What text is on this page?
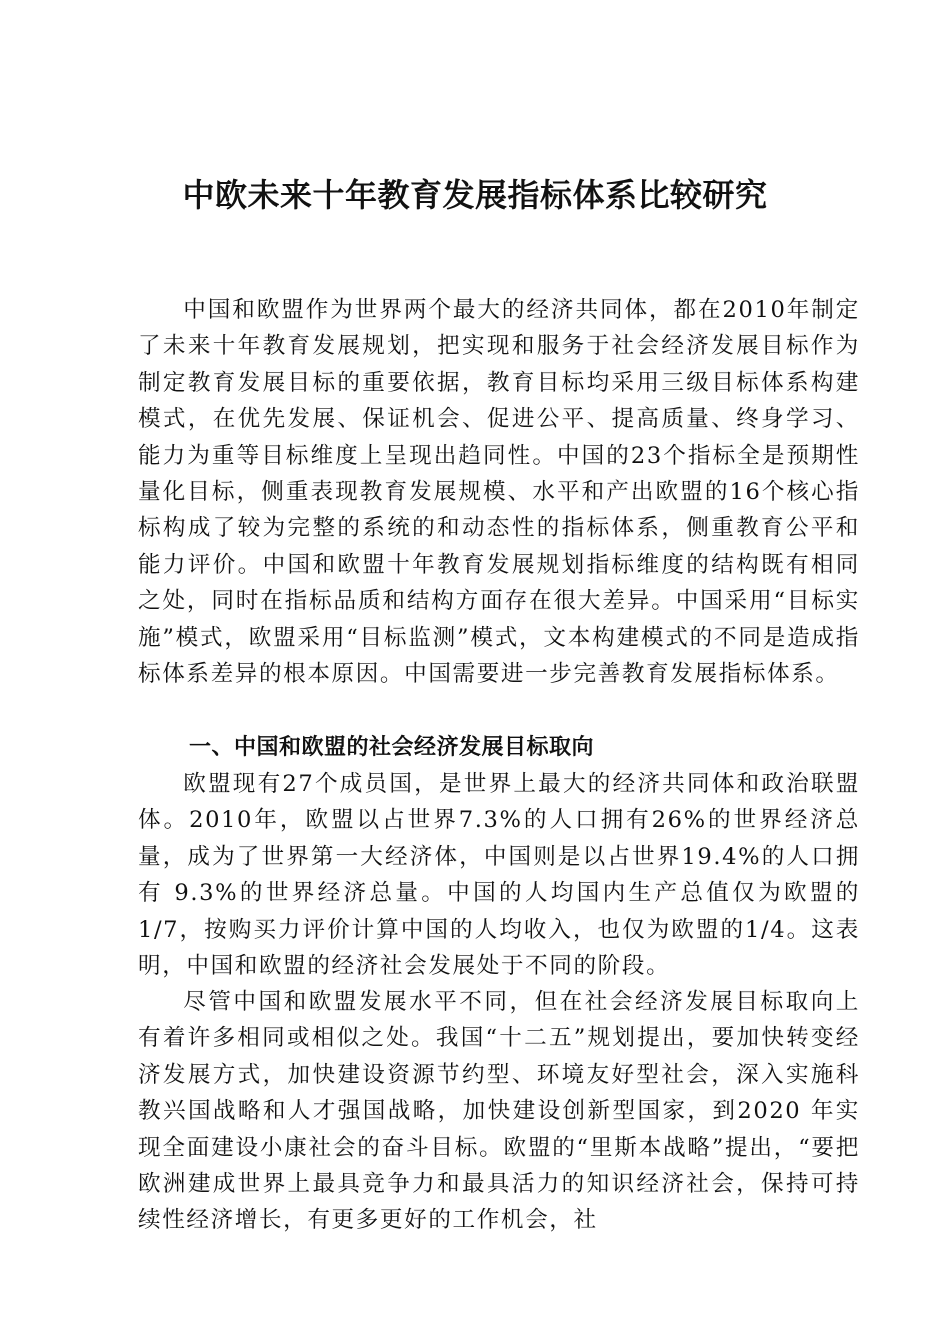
中欧未来十年教育发展指标体系比较研究

中国和欧盟作为世界两个最大的经济共同体，都在2010年制定了未来十年教育发展规划，把实现和服务于社会经济发展目标作为制定教育发展目标的重要依据，教育目标均采用三级目标体系构建模式，在优先发展、保证机会、促进公平、提高质量、终身学习、能力为重等目标维度上呈现出趋同性。中国的23个指标全是预期性量化目标，侧重表现教育发展规模、水平和产出欧盟的16个核心指标构成了较为完整的系统的和动态性的指标体系，侧重教育公平和能力评价。中国和欧盟十年教育发展规划指标维度的结构既有相同之处，同时在指标品质和结构方面存在很大差异。中国采用“目标实施”模式，欧盟采用“目标监测”模式，文本构建模式的不同是造成指标体系差异的根本原因。中国需要进一步完善教育发展指标体系。

一、中国和欧盟的社会经济发展目标取向

欧盟现有27个成员国，是世界上最大的经济共同体和政治联盟体。2010年，欧盟以占世界7.3%的人口拥有26%的世界经济总量，成为了世界第一大经济体，中国则是以占世界19.4%的人口拥有 9.3%的世界经济总量。中国的人均国内生产总值仅为欧盟的1/7，按购买力评价计算中国的人均收入，也仅为欧盟的1/4。这表明，中国和欧盟的经济社会发展处于不同的阶段。

尽管中国和欧盟发展水平不同，但在社会经济发展目标取向上有着许多相同或相似之处。我国“十二五”规划提出，要加快转变经济发展方式，加快建设资源节约型、环境友好型社会，深入实施科教兴国战略和人才强国战略，加快建设创新型国家，到2020 年实现全面建设小康社会的奋斗目标。欧盟的“里斯本战略”提出，“要把欧洲建成世界上最具竞争力和最具活力的知识经济社会，保持可持续性经济增长，有更多更好的工作机会，社
